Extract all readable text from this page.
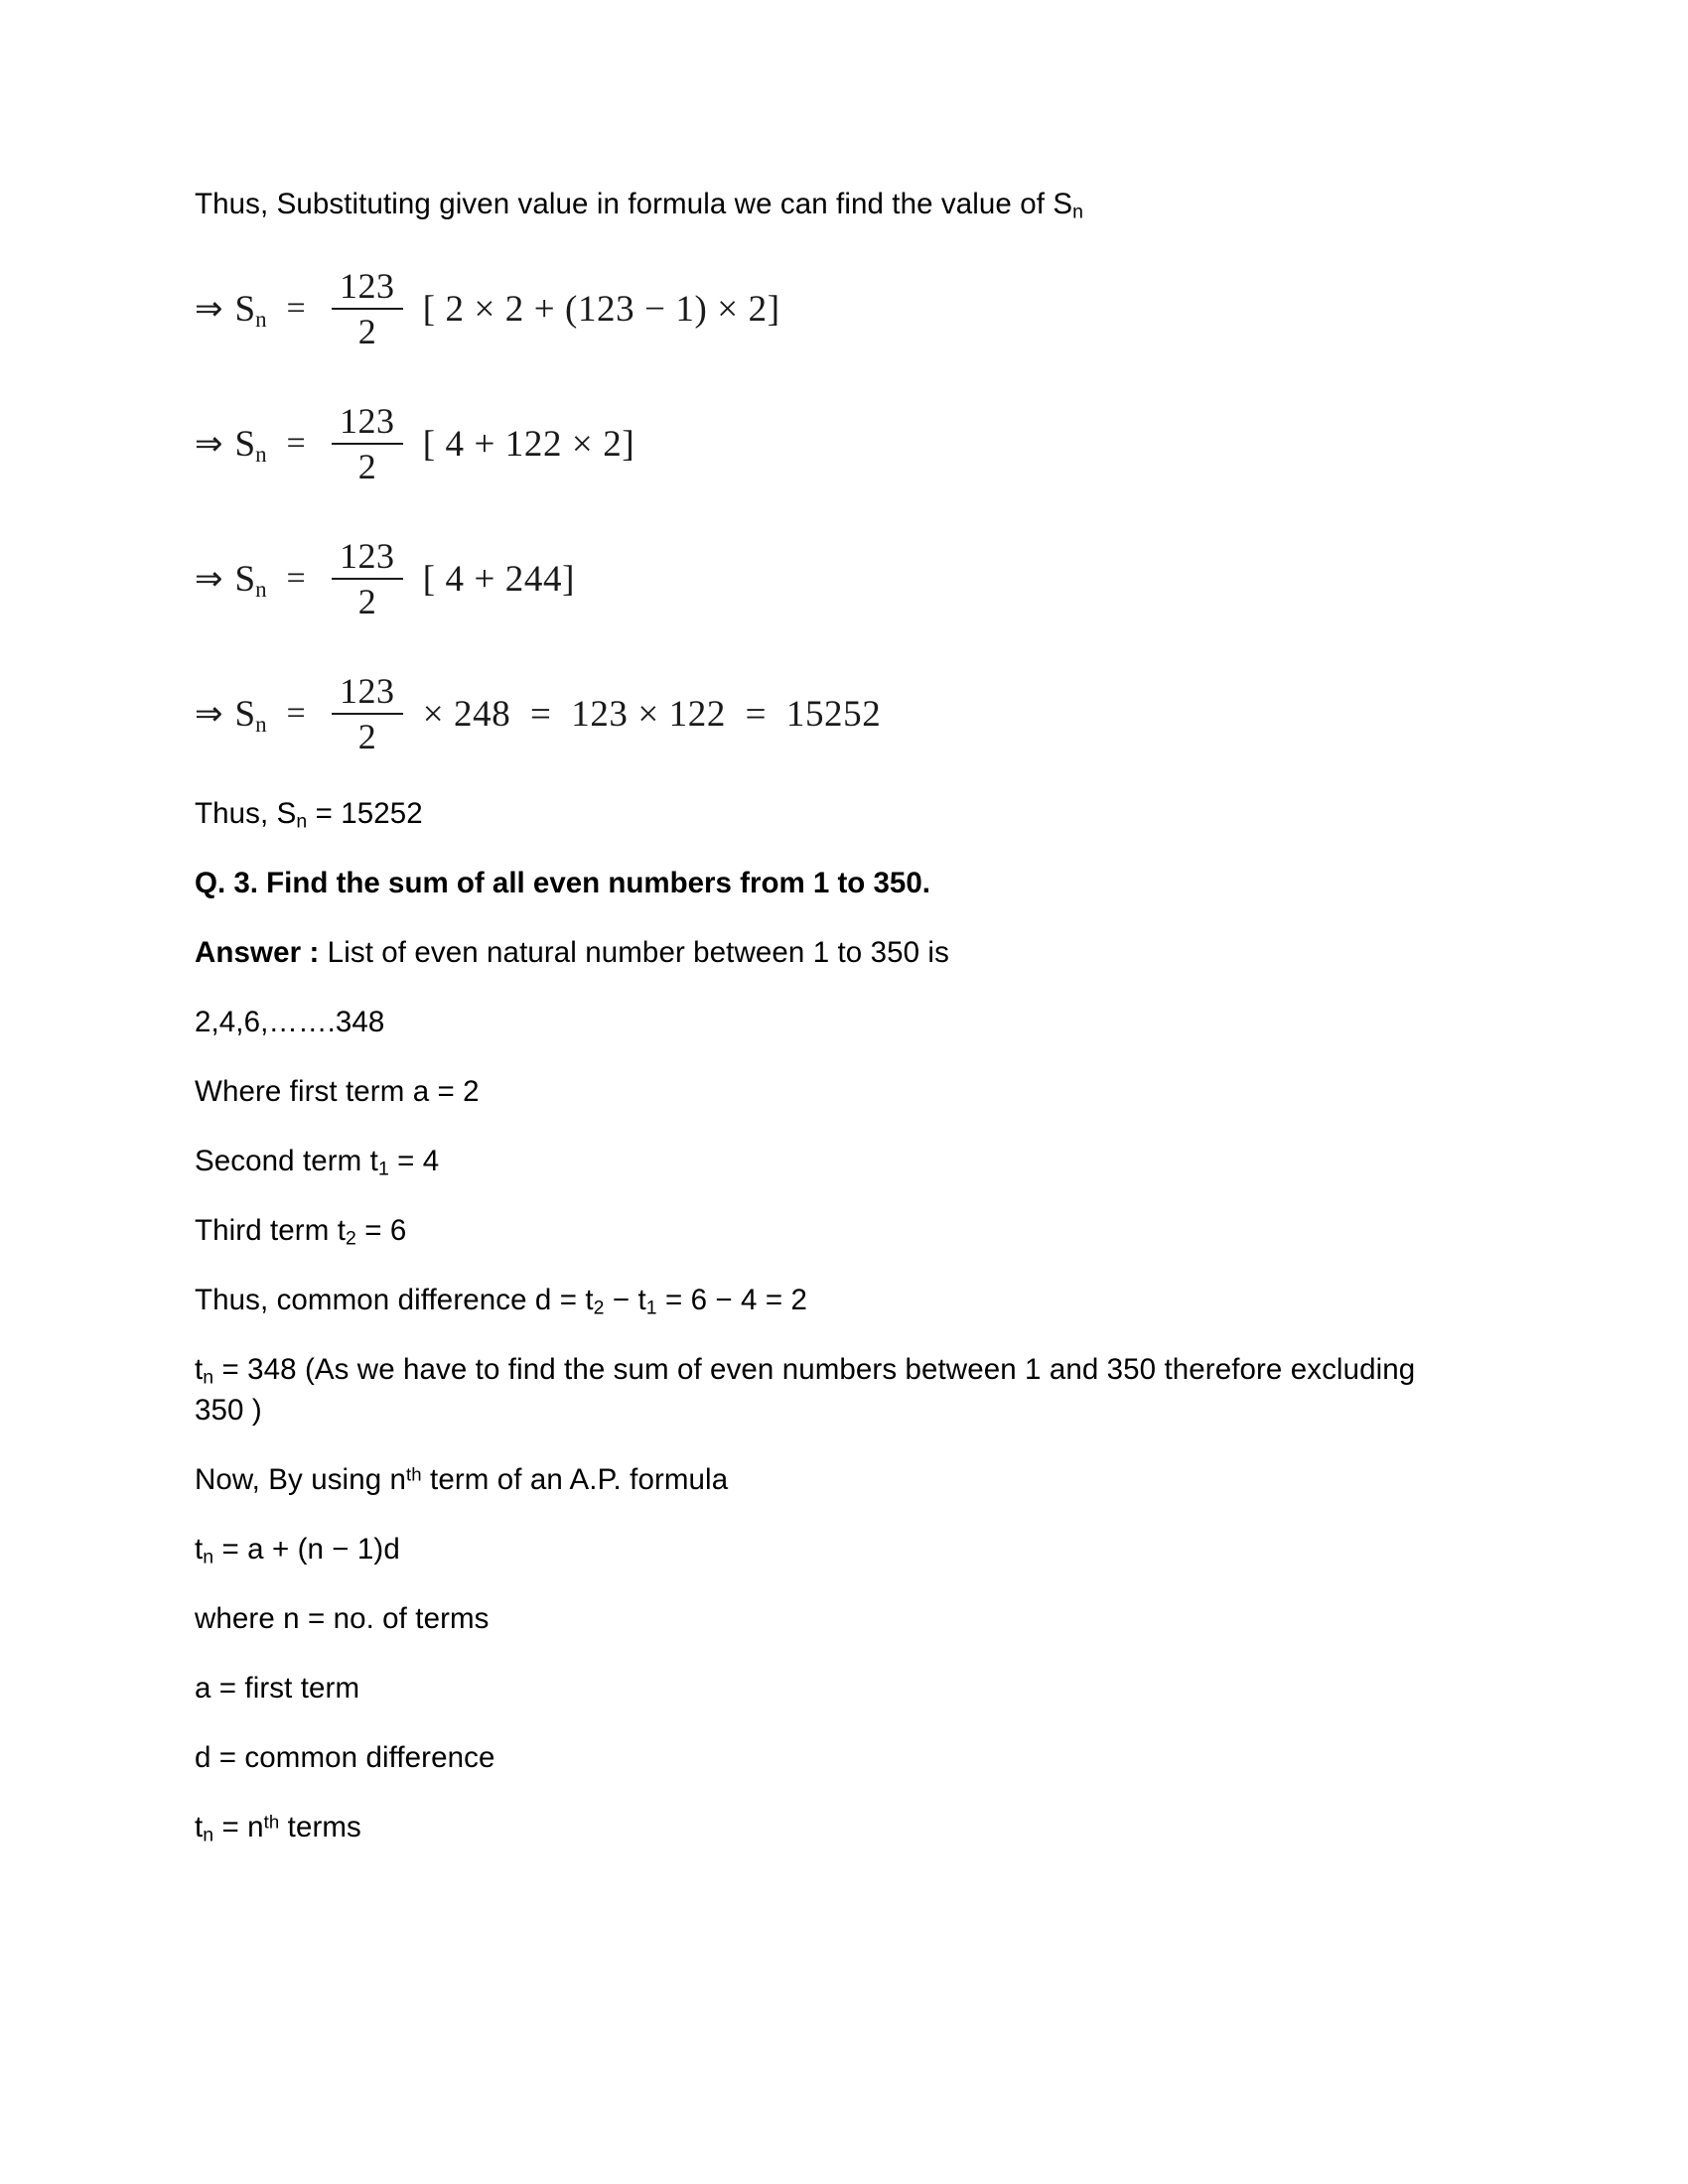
Thus, Substituting given value in formula we can find the value of $S_n$

⇒ $S_n = \frac{123}{2}$ [ 2 × 2 + (123 − 1) × 2]
⇒ $S_n = \frac{123}{2}$ [ 4 + 122 × 2]
⇒ $S_n = \frac{123}{2}$ [ 4 + 244]
⇒ $S_n = \frac{123}{2} \times 248 = 123 \times 122 = 15252$

Thus, $S_n = 15252$

Q. 3. Find the sum of all even numbers from 1 to 350.

Answer : List of even natural number between 1 to 350 is

2,4,6,…….348

Where first term a = 2

Second term $t_1 = 4$

Third term $t_2 = 6$

Thus, common difference $d = t_2 - t_1 = 6 - 4 = 2$

$t_n = 348$ (As we have to find the sum of even numbers between 1 and 350 therefore excluding 350 )

Now, By using $n^{th}$ term of an A.P. formula

$t_n = a + (n - 1)d$

where n = no. of terms

a = first term

d = common difference

$t_n = n^{th}$ terms
